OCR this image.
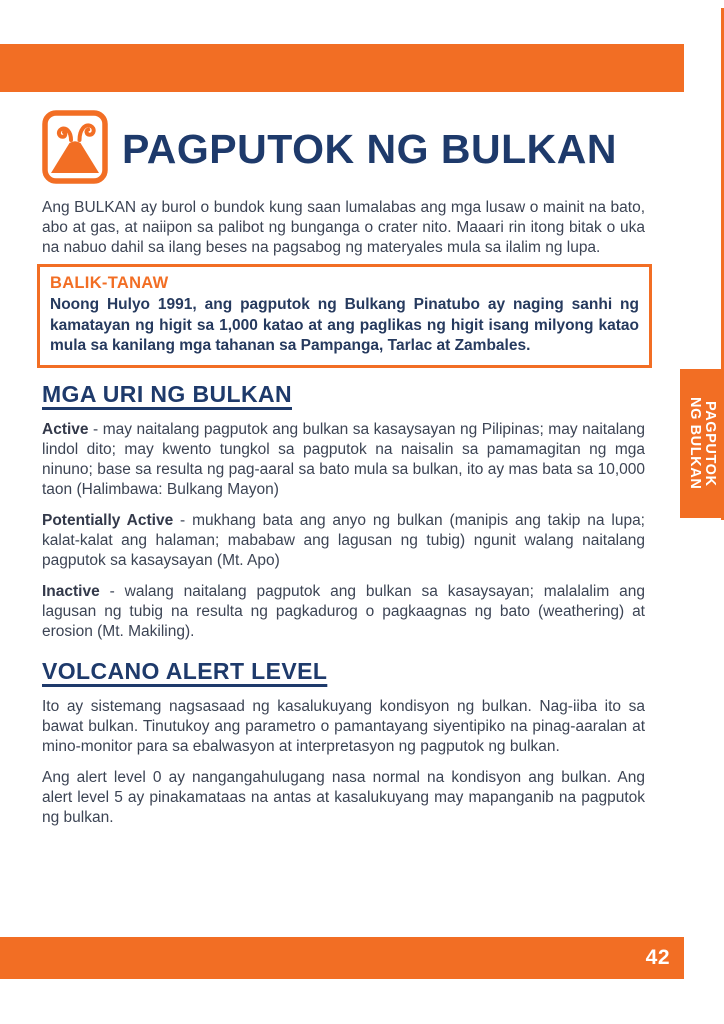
PAGPUTOK NG BULKAN

Ang BULKAN ay burol o bundok kung saan lumalabas ang mga lusaw o mainit na bato, abo at gas, at naiipon sa palibot ng bunganga o crater nito. Maaari rin itong bitak o uka na nabuo dahil sa ilang beses na pagsabog ng materyales mula sa ilalim ng lupa.

BALIK-TANAW

Noong Hulyo 1991, ang pagputok ng Bulkang Pinatubo ay naging sanhi ng kamatayan ng higit sa 1,000 katao at ang paglikas ng higit isang milyong katao mula sa kanilang mga tahanan sa Pampanga, Tarlac at Zambales.

MGA URI NG BULKAN

Active - may naitalang pagputok ang bulkan sa kasaysayan ng Pilipinas; may naitalang lindol dito; may kwento tungkol sa pagputok na naisalin sa pamamagitan ng mga ninuno; base sa resulta ng pag-aaral sa bato mula sa bulkan, ito ay mas bata sa 10,000 taon (Halimbawa: Bulkang Mayon)

Potentially Active - mukhang bata ang anyo ng bulkan (manipis ang takip na lupa; kalat-kalat ang halaman; mababaw ang lagusan ng tubig) ngunit walang naitalang pagputok sa kasaysayan (Mt. Apo)

Inactive - walang naitalang pagputok ang bulkan sa kasaysayan; malalalim ang lagusan ng tubig na resulta ng pagkadurog o pagkaagnas ng bato (weathering) at erosion (Mt. Makiling).

VOLCANO ALERT LEVEL

Ito ay sistemang nagsasaad ng kasalukuyang kondisyon ng bulkan. Nag-iiba ito sa bawat bulkan. Tinutukoy ang parametro o pamantayang siyentipiko na pinag-aaralan at mino-monitor para sa ebalwasyon at interpretasyon ng pagputok ng bulkan.

Ang alert level 0 ay nangangahulugang nasa normal na kondisyon ang bulkan. Ang alert level 5 ay pinakamataas na antas at kasalukuyang may mapanganib na pagputok ng bulkan.

PAGPUTOK
NG BULKAN
42
